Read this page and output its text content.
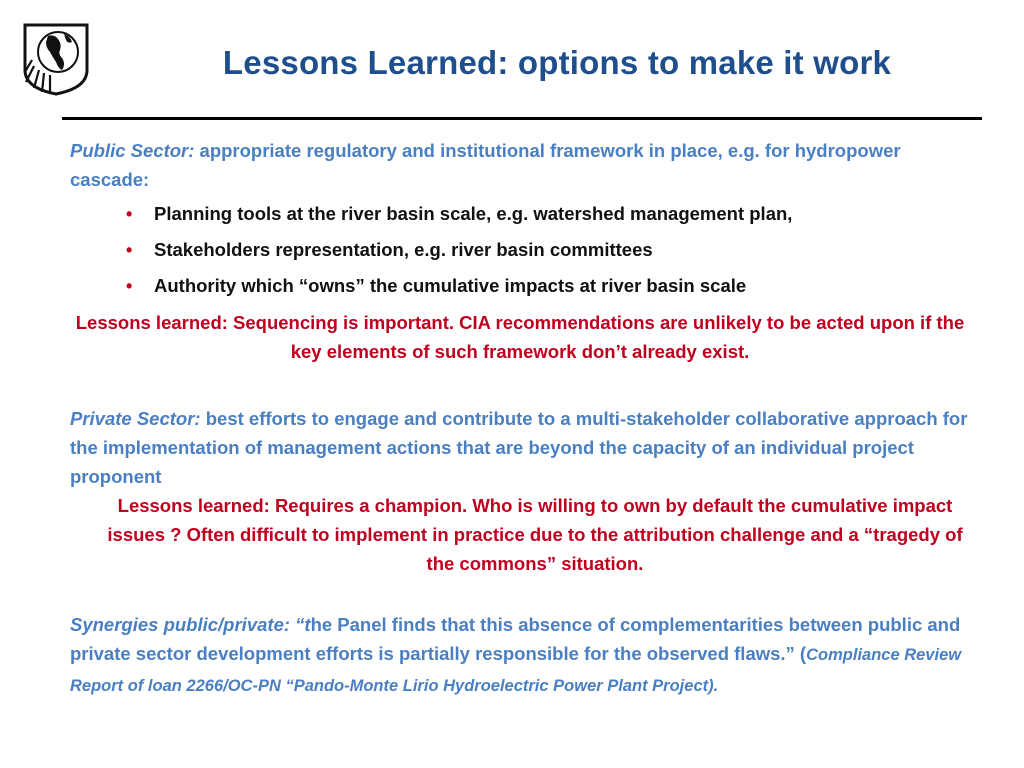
Lessons Learned: options to make it work

Public Sector: appropriate regulatory and institutional framework in place, e.g. for hydropower cascade:

• Planning tools at the river basin scale, e.g. watershed management plan,
• Stakeholders representation, e.g. river basin committees
• Authority which “owns” the cumulative impacts at river basin scale

Lessons learned: Sequencing is important. CIA recommendations are unlikely to be acted upon if the key elements of such framework don’t already exist.

Private Sector: best efforts to engage and contribute to a multi-stakeholder collaborative approach for the implementation of management actions that are beyond the capacity of an individual project proponent

Lessons learned: Requires a champion. Who is willing to own by default the cumulative impact issues ? Often difficult to implement in practice due to the attribution challenge and a “tragedy of the commons” situation.

Synergies public/private: “the Panel finds that this absence of complementarities between public and private sector development efforts is partially responsible for the observed flaws.” (Compliance Review Report of loan 2266/OC-PN “Pando-Monte Lirio Hydroelectric Power Plant Project).
